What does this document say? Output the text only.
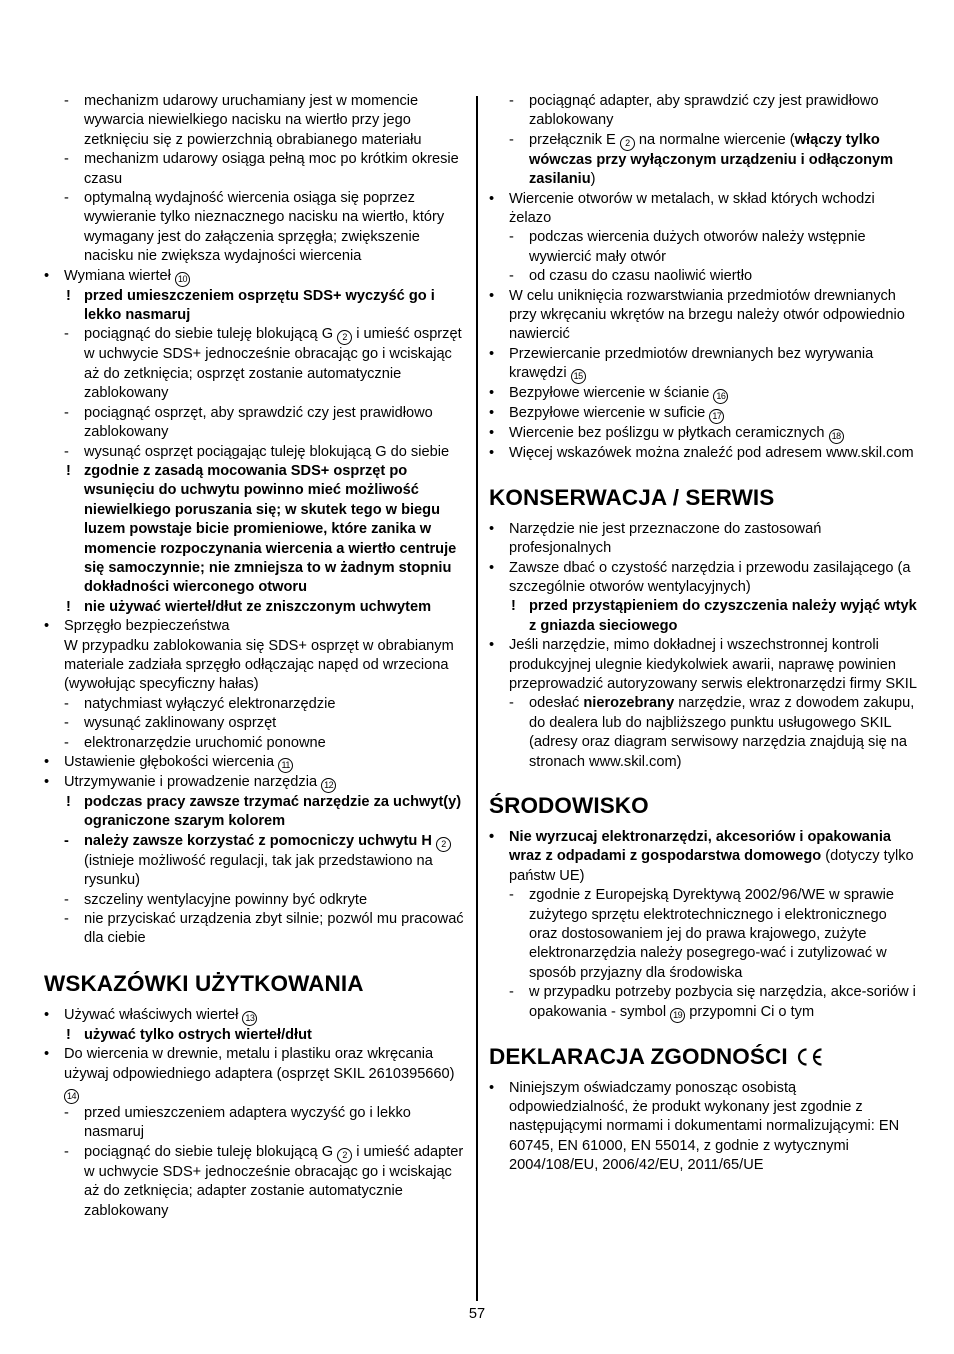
- mechanizm udarowy uruchamiany jest w momencie wywarcia niewielkiego nacisku na wiertło przy jego zetknięciu się z powierzchnią obrabianego materiału
- mechanizm udarowy osiąga pełną moc po krótkim okresie czasu
- optymalną wydajność wiercenia osiąga się poprzez wywieranie tylko nieznacznego nacisku na wiertło, który wymagany jest do załączenia sprzęgła; zwiększenie nacisku nie zwiększa wydajności wiercenia
• Wymiana wierteł 10
! przed umieszczeniem osprzętu SDS+ wyczyść go i lekko nasmaruj
- pociągnąć do siebie tuleję blokującą G 2 i umieść osprzęt w uchwycie SDS+ jednocześnie obracając go i wciskając aż do zetknięcia; osprzęt zostanie automatycznie zablokowany
- pociągnąć osprzęt, aby sprawdzić czy jest prawidłowo zablokowany
- wysunąć osprzęt pociągając tuleję blokującą G do siebie
! zgodnie z zasadą mocowania SDS+ osprzęt po wsunięciu do uchwytu powinno mieć możliwość niewielkiego poruszania się; w skutek tego w biegu luzem powstaje bicie promieniowe, które zanika w momencie rozpoczynania wiercenia a wiertło centruje się samoczynnie; nie zmniejsza to w żadnym stopniu dokładności wierconego otworu
! nie używać wierteł/dłut ze zniszczonym uchwytem
• Sprzęgło bezpieczeństwa
W przypadku zablokowania się SDS+ osprzęt w obrabianym materiale zadziała sprzęgło odłączając napęd od wrzeciona (wywołując specyficzny hałas)
- natychmiast wyłączyć elektronarzędzie
- wysunąć zaklinowany osprzęt
- elektronarzędzie uruchomić ponowne
• Ustawienie głębokości wiercenia 11
• Utrzymywanie i prowadzenie narzędzia 12
! podczas pracy zawsze trzymać narzędzie za uchwyt(y) ograniczone szarym kolorem
- należy zawsze korzystać z pomocniczy uchwytu H 2 (istnieje możliwość regulacji, tak jak przedstawiono na rysunku)
- szczeliny wentylacyjne powinny być odkryte
- nie przyciskać urządzenia zbyt silnie; pozwól mu pracować dla ciebie
WSKAZÓWKI UŻYTKOWANIA
• Używać właściwych wierteł 13
! używać tylko ostrych wierteł/dłut
• Do wiercenia w drewnie, metalu i plastiku oraz wkręcania używaj odpowiedniego adaptera (osprzęt SKIL 2610395660) 14
- przed umieszczeniem adaptera wyczyść go i lekko nasmaruj
- pociągnąć do siebie tuleję blokującą G 2 i umieść adapter w uchwycie SDS+ jednocześnie obracając go i wciskając aż do zetknięcia; adapter zostanie automatycznie zablokowany
- pociągnąć adapter, aby sprawdzić czy jest prawidłowo zablokowany
- przełącznik E 2 na normalne wiercenie (włączy tylko wówczas przy wyłączonym urządzeniu i odłączonym zasilaniu)
• Wiercenie otworów w metalach, w skład których wchodzi żelazo
- podczas wiercenia dużych otworów należy wstępnie wywiercić mały otwór
- od czasu do czasu naoliwić wiertło
• W celu uniknięcia rozwarstwiania przedmiotów drewnianych przy wkręcaniu wkrętów na brzegu należy otwór odpowiednio nawiercić
• Przewiercanie przedmiotów drewnianych bez wyrywania krawędzi 15
• Bezpyłowe wiercenie w ścianie 16
• Bezpyłowe wiercenie w suficie 17
• Wiercenie bez poślizgu w płytkach ceramicznych 18
• Więcej wskazówek można znaleźć pod adresem www.skil.com
KONSERWACJA / SERWIS
• Narzędzie nie jest przeznaczone do zastosowań profesjonalnych
• Zawsze dbać o czystość narzędzia i przewodu zasilającego (a szczególnie otworów wentylacyjnych)
! przed przystąpieniem do czyszczenia należy wyjąć wtyk z gniazda sieciowego
• Jeśli narzędzie, mimo dokładnej i wszechstronnej kontroli produkcyjnej ulegnie kiedykolwiek awarii, naprawę powinien przeprowadzić autoryzowany serwis elektronarzędzi firmy SKIL
- odesłać nierozebrany narzędzie, wraz z dowodem zakupu, do dealera lub do najbliższego punktu usługowego SKIL (adresy oraz diagram serwisowy narzędzia znajdują się na stronach www.skil.com)
ŚRODOWISKO
• Nie wyrzucaj elektronarzędzi, akcesoriów i opakowania wraz z odpadami z gospodarstwa domowego (dotyczy tylko państw UE)
- zgodnie z Europejską Dyrektywą 2002/96/WE w sprawie zużytego sprzętu elektrotechnicznego i elektronicznego oraz dostosowaniem jej do prawa krajowego, zużyte elektronarzędzia należy posegrego-wać i zutylizować w sposób przyjazny dla środowiska
- w przypadku potrzeby pozbycia się narzędzia, akce-soriów i opakowania - symbol 19 przypomni Ci o tym
DEKLARACJA ZGODNOŚCI
• Niniejszym oświadczamy ponosząc osobistą odpowiedzialność, że produkt wykonany jest zgodnie z następującymi normami i dokumentami normalizującymi: EN 60745, EN 61000, EN 55014, z godnie z wytycznymi 2004/108/EU, 2006/42/EU, 2011/65/UE
57
